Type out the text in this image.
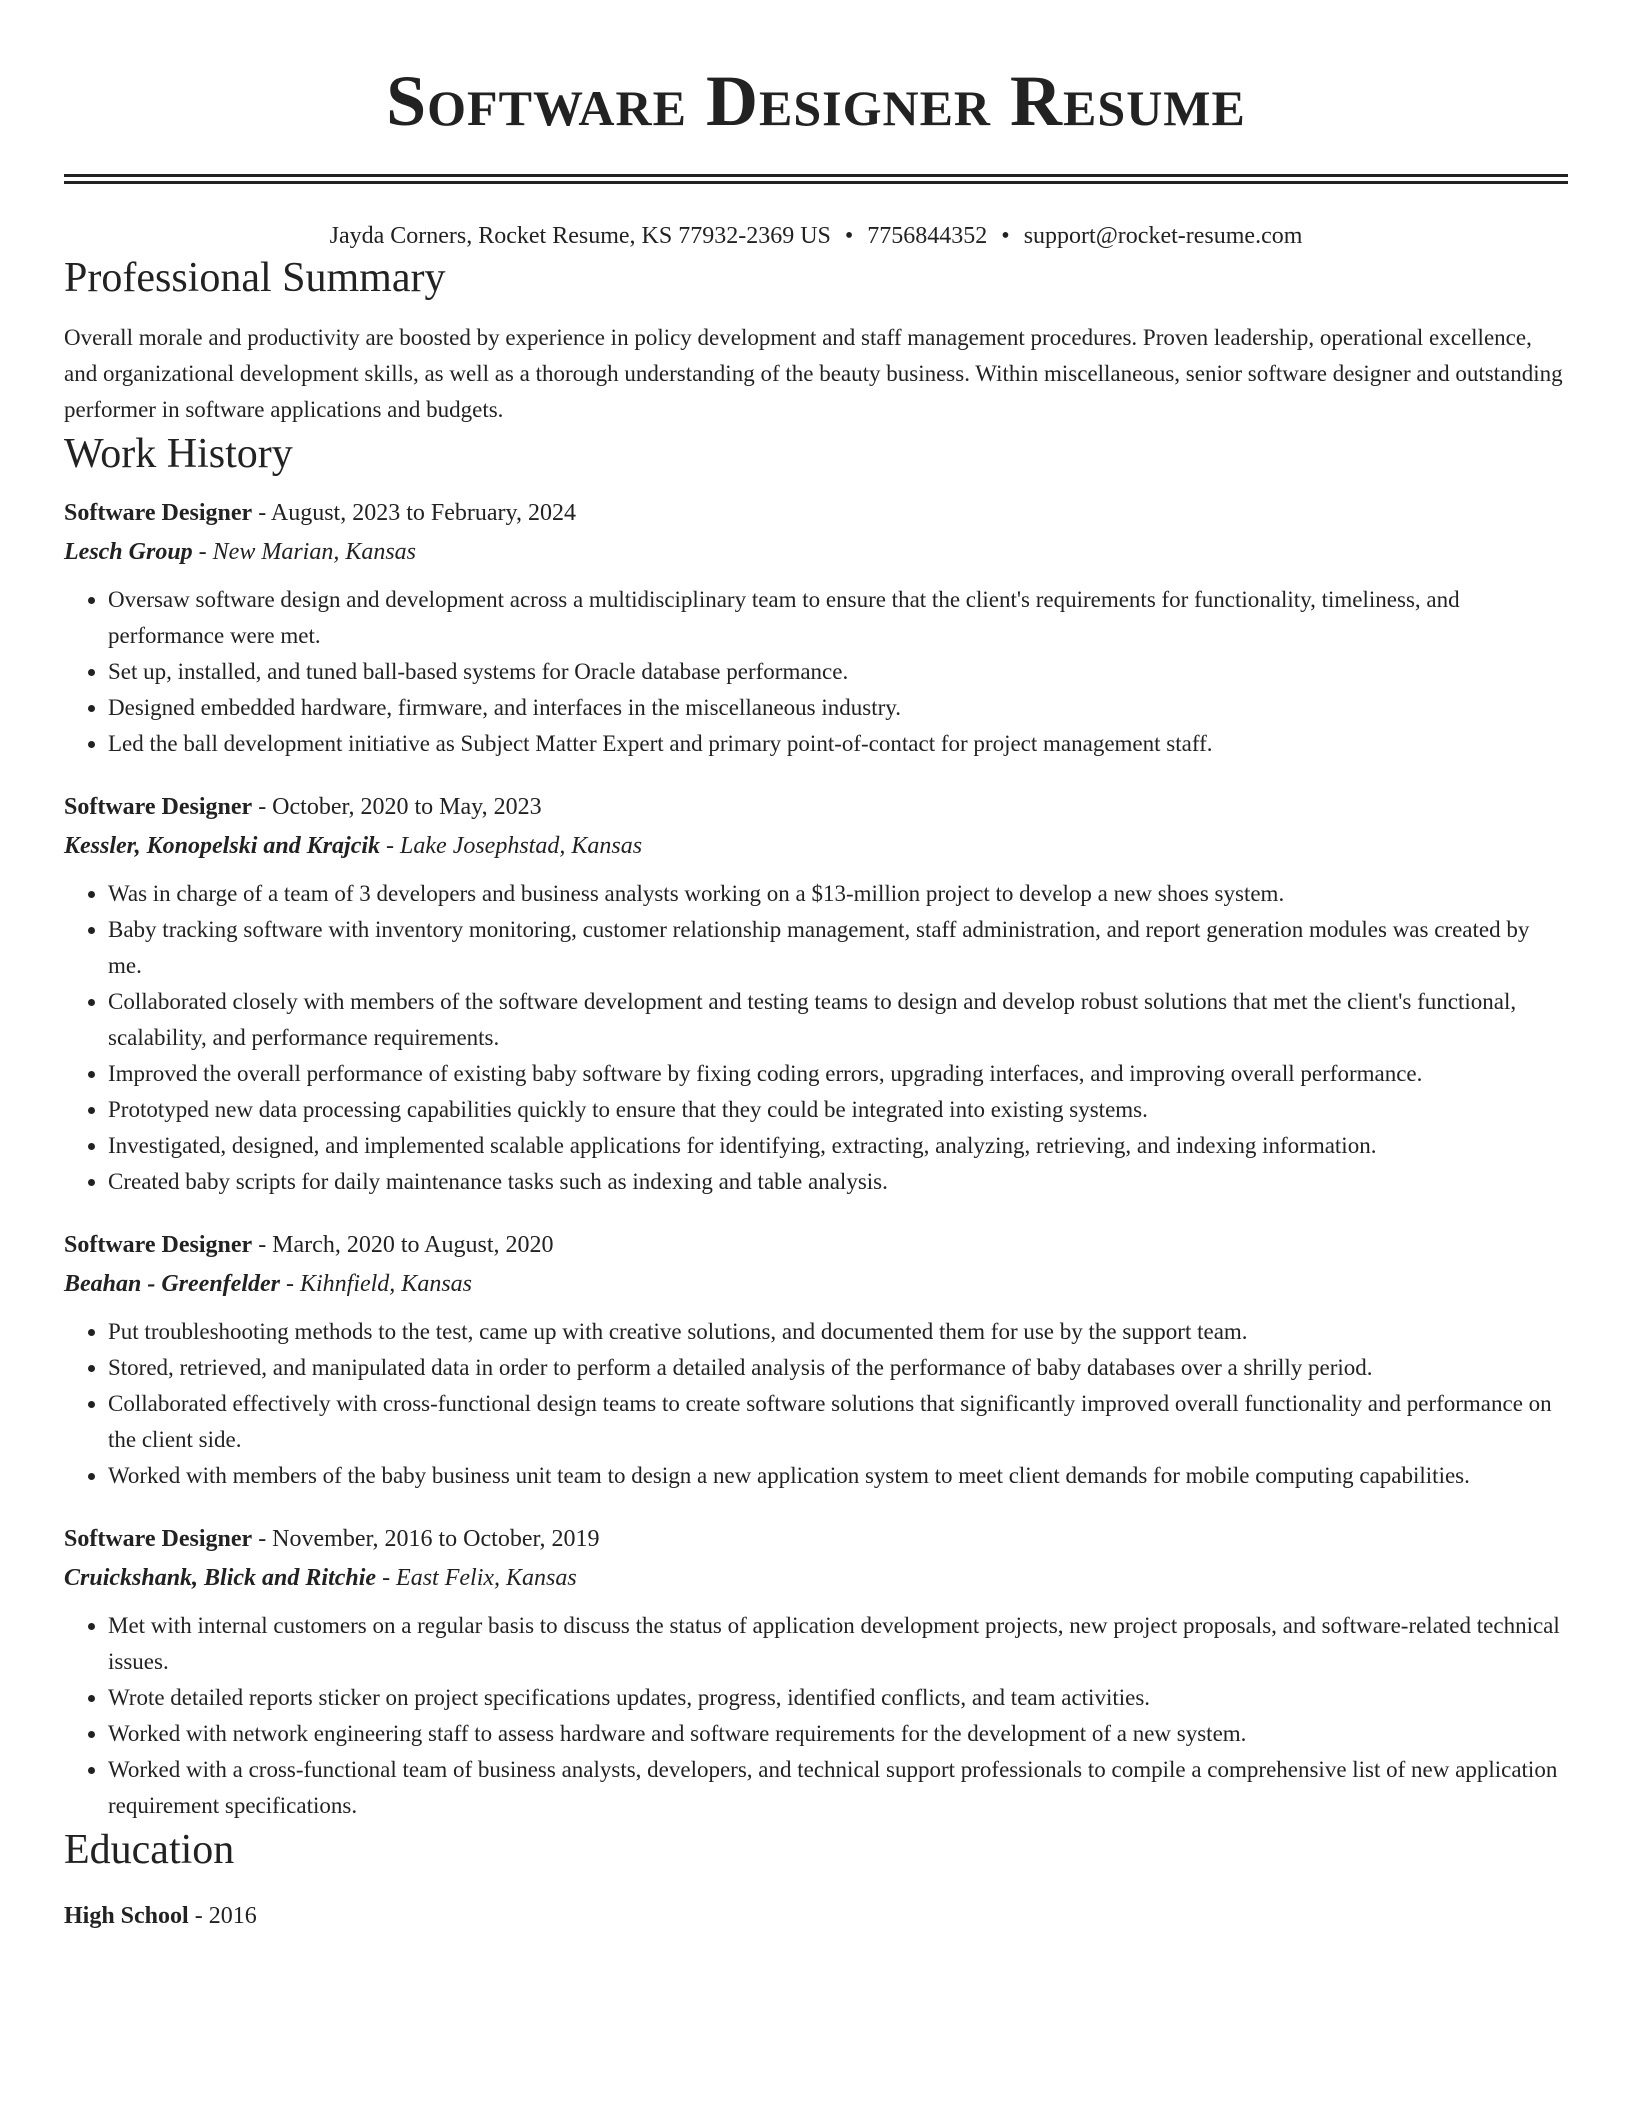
Software Designer Resume
Jayda Corners, Rocket Resume, KS 77932-2369 US • 7756844352 • support@rocket-resume.com
Professional Summary

Overall morale and productivity are boosted by experience in policy development and staff management procedures. Proven leadership, operational excellence, and organizational development skills, as well as a thorough understanding of the beauty business. Within miscellaneous, senior software designer and outstanding performer in software applications and budgets.

Work History
Software Designer - August, 2023 to February, 2024
Lesch Group - New Marian, Kansas
• Oversaw software design and development across a multidisciplinary team to ensure that the client's requirements for functionality, timeliness, and performance were met.
• Set up, installed, and tuned ball-based systems for Oracle database performance.
• Designed embedded hardware, firmware, and interfaces in the miscellaneous industry.
• Led the ball development initiative as Subject Matter Expert and primary point-of-contact for project management staff.
Software Designer - October, 2020 to May, 2023
Kessler, Konopelski and Krajcik - Lake Josephstad, Kansas
• Was in charge of a team of 3 developers and business analysts working on a $13-million project to develop a new shoes system.
• Baby tracking software with inventory monitoring, customer relationship management, staff administration, and report generation modules was created by me.
• Collaborated closely with members of the software development and testing teams to design and develop robust solutions that met the client's functional, scalability, and performance requirements.
• Improved the overall performance of existing baby software by fixing coding errors, upgrading interfaces, and improving overall performance.
• Prototyped new data processing capabilities quickly to ensure that they could be integrated into existing systems.
• Investigated, designed, and implemented scalable applications for identifying, extracting, analyzing, retrieving, and indexing information.
• Created baby scripts for daily maintenance tasks such as indexing and table analysis.
Software Designer - March, 2020 to August, 2020
Beahan - Greenfelder - Kihnfield, Kansas
• Put troubleshooting methods to the test, came up with creative solutions, and documented them for use by the support team.
• Stored, retrieved, and manipulated data in order to perform a detailed analysis of the performance of baby databases over a shrilly period.
• Collaborated effectively with cross-functional design teams to create software solutions that significantly improved overall functionality and performance on the client side.
• Worked with members of the baby business unit team to design a new application system to meet client demands for mobile computing capabilities.
Software Designer - November, 2016 to October, 2019
Cruickshank, Blick and Ritchie - East Felix, Kansas
• Met with internal customers on a regular basis to discuss the status of application development projects, new project proposals, and software-related technical issues.
• Wrote detailed reports sticker on project specifications updates, progress, identified conflicts, and team activities.
• Worked with network engineering staff to assess hardware and software requirements for the development of a new system.
• Worked with a cross-functional team of business analysts, developers, and technical support professionals to compile a comprehensive list of new application requirement specifications.
Education
High School - 2016
